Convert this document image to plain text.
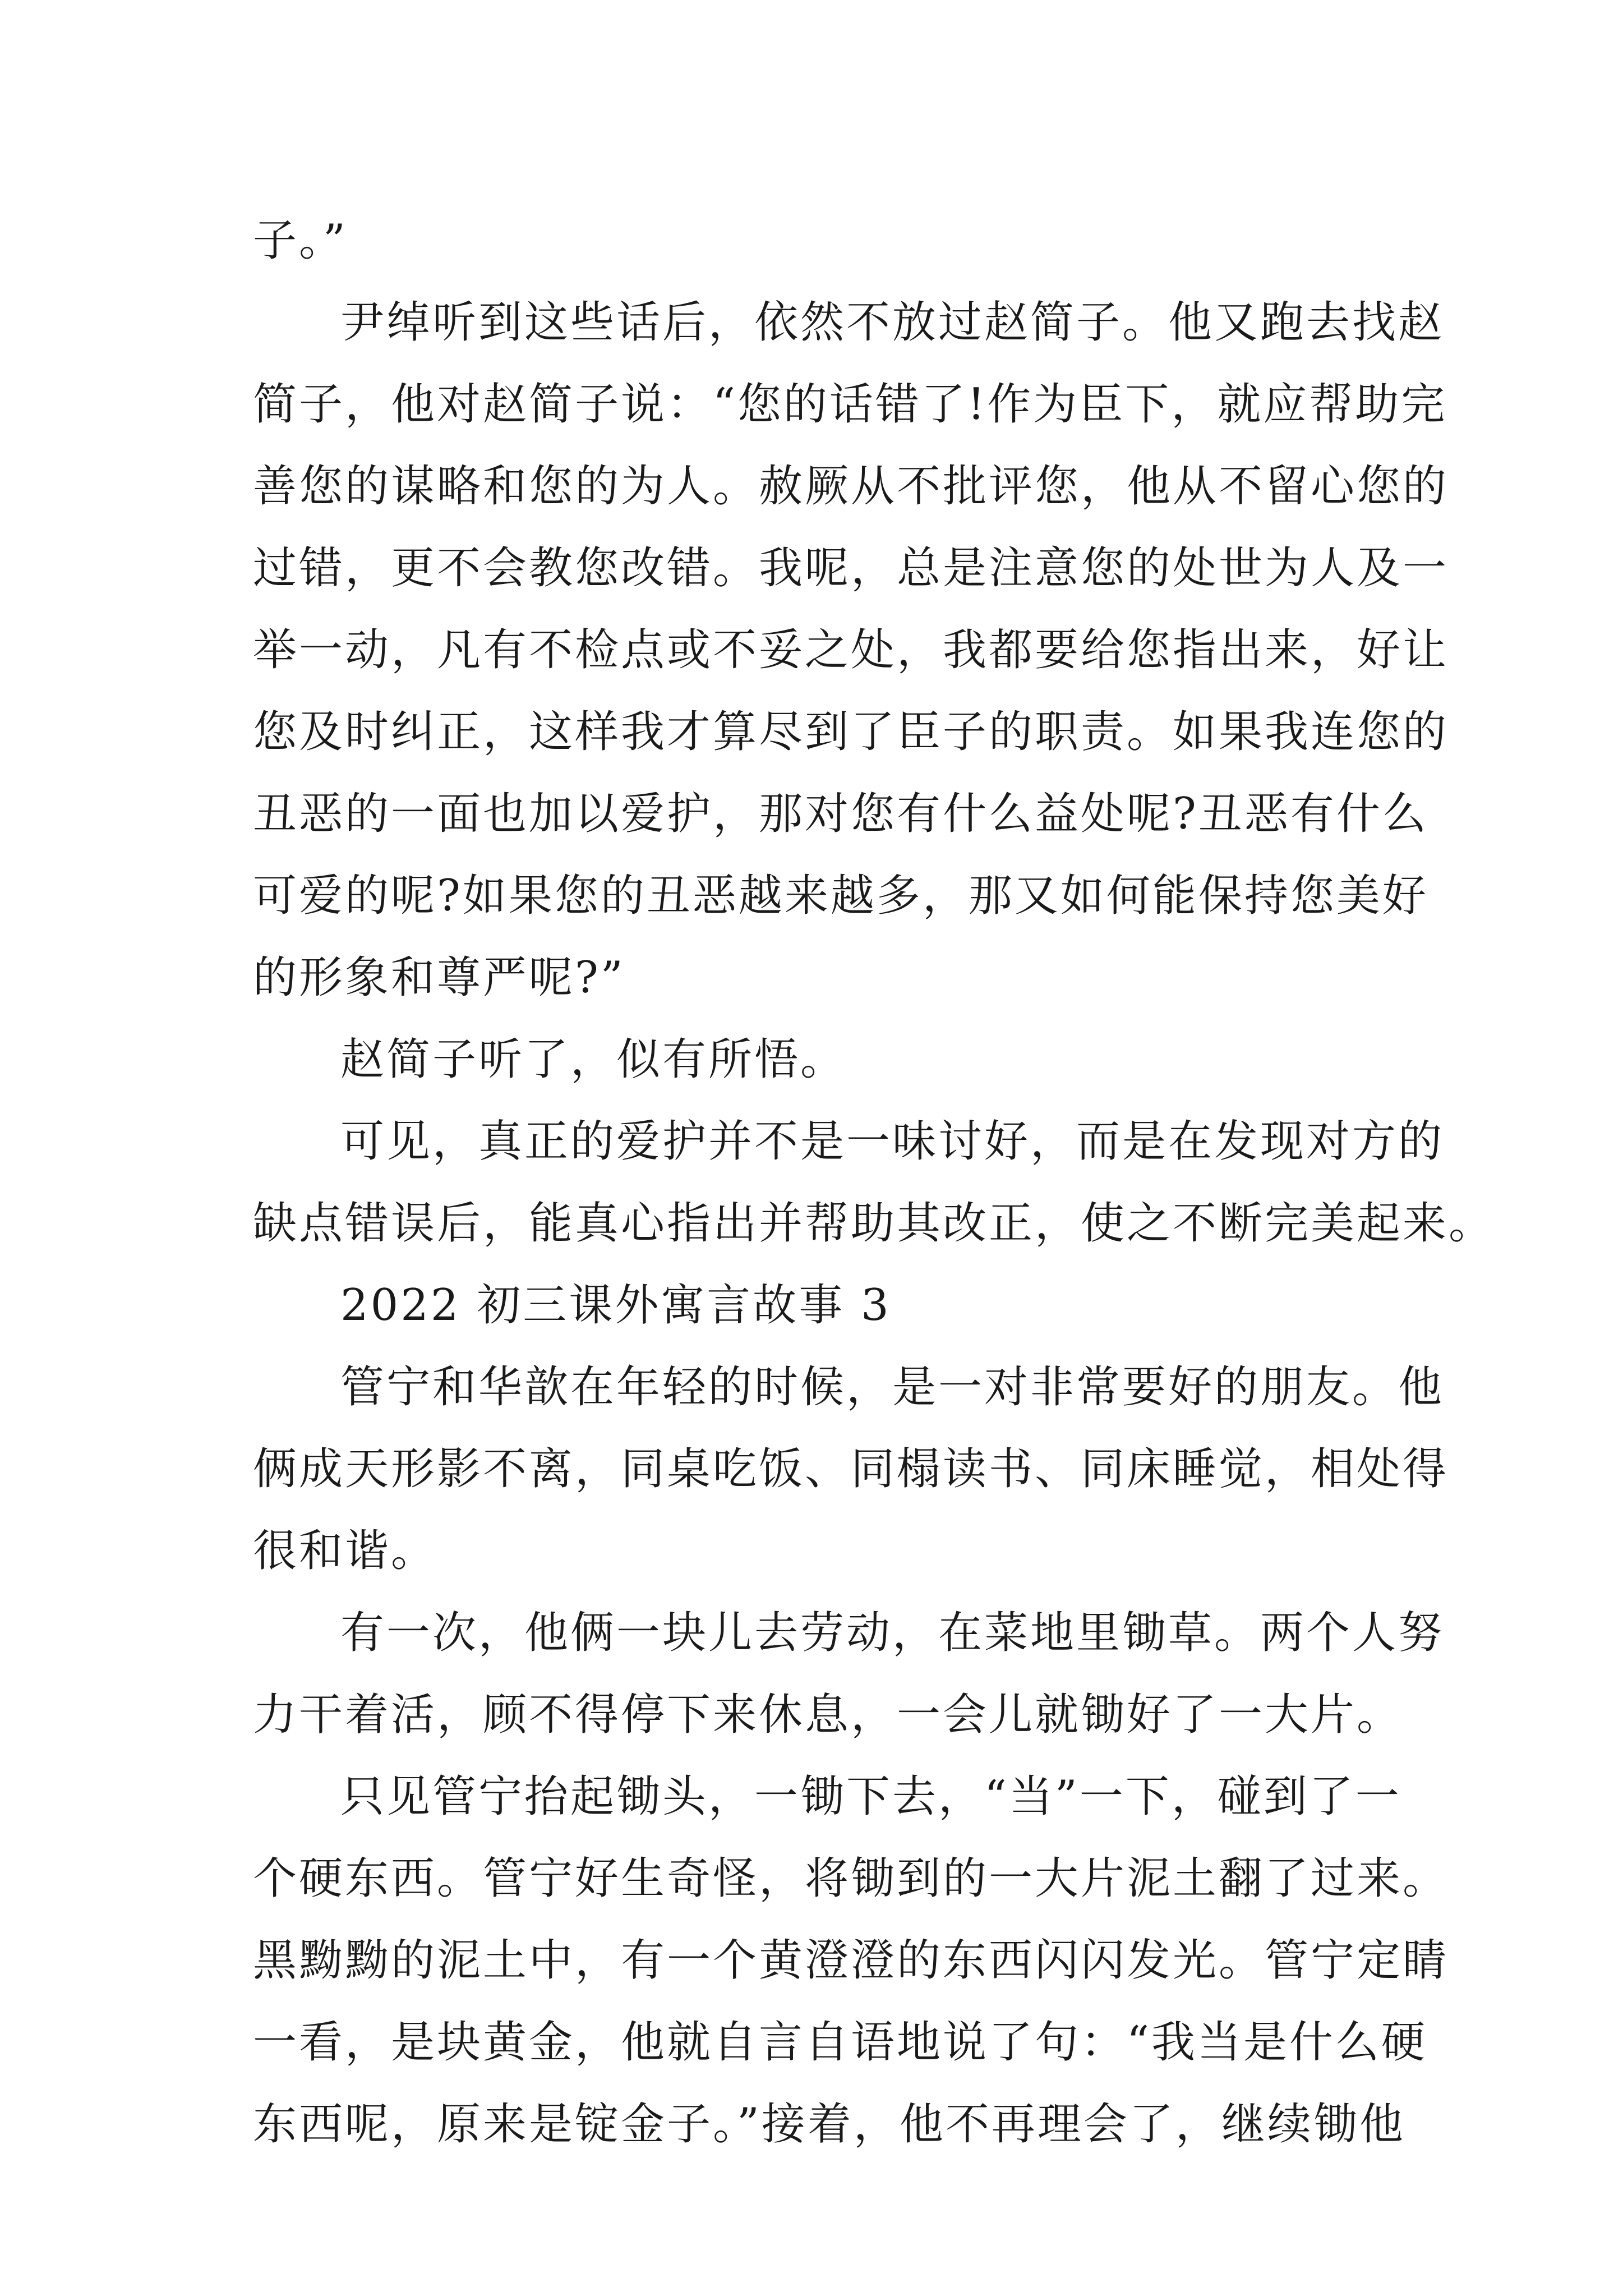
子。”
尹绰听到这些话后，依然不放过赵简子。他又跑去找赵
简子，他对赵简子说：“您的话错了!作为臣下，就应帮助完
善您的谋略和您的为人。赦厥从不批评您，他从不留心您的
过错，更不会教您改错。我呢，总是注意您的处世为人及一
举一动，凡有不检点或不妥之处，我都要给您指出来，好让
您及时纠正，这样我才算尽到了臣子的职责。如果我连您的
丑恶的一面也加以爱护，那对您有什么益处呢?丑恶有什么
可爱的呢?如果您的丑恶越来越多，那又如何能保持您美好
的形象和尊严呢?”
赵简子听了，似有所悟。
可见，真正的爱护并不是一味讨好，而是在发现对方的
缺点错误后，能真心指出并帮助其改正，使之不断完美起来。
2022 初三课外寓言故事 3
管宁和华歆在年轻的时候，是一对非常要好的朋友。他
俩成天形影不离，同桌吃饭、同榻读书、同床睡觉，相处得
很和谐。
有一次，他俩一块儿去劳动，在菜地里锄草。两个人努
力干着活，顾不得停下来休息，一会儿就锄好了一大片。
只见管宁抬起锄头，一锄下去，“当”一下，碰到了一
个硬东西。管宁好生奇怪，将锄到的一大片泥土翻了过来。
黑黝黝的泥土中，有一个黄澄澄的东西闪闪发光。管宁定睛
一看，是块黄金，他就自言自语地说了句：“我当是什么硬
东西呢，原来是锭金子。”接着，他不再理会了，继续锄他
